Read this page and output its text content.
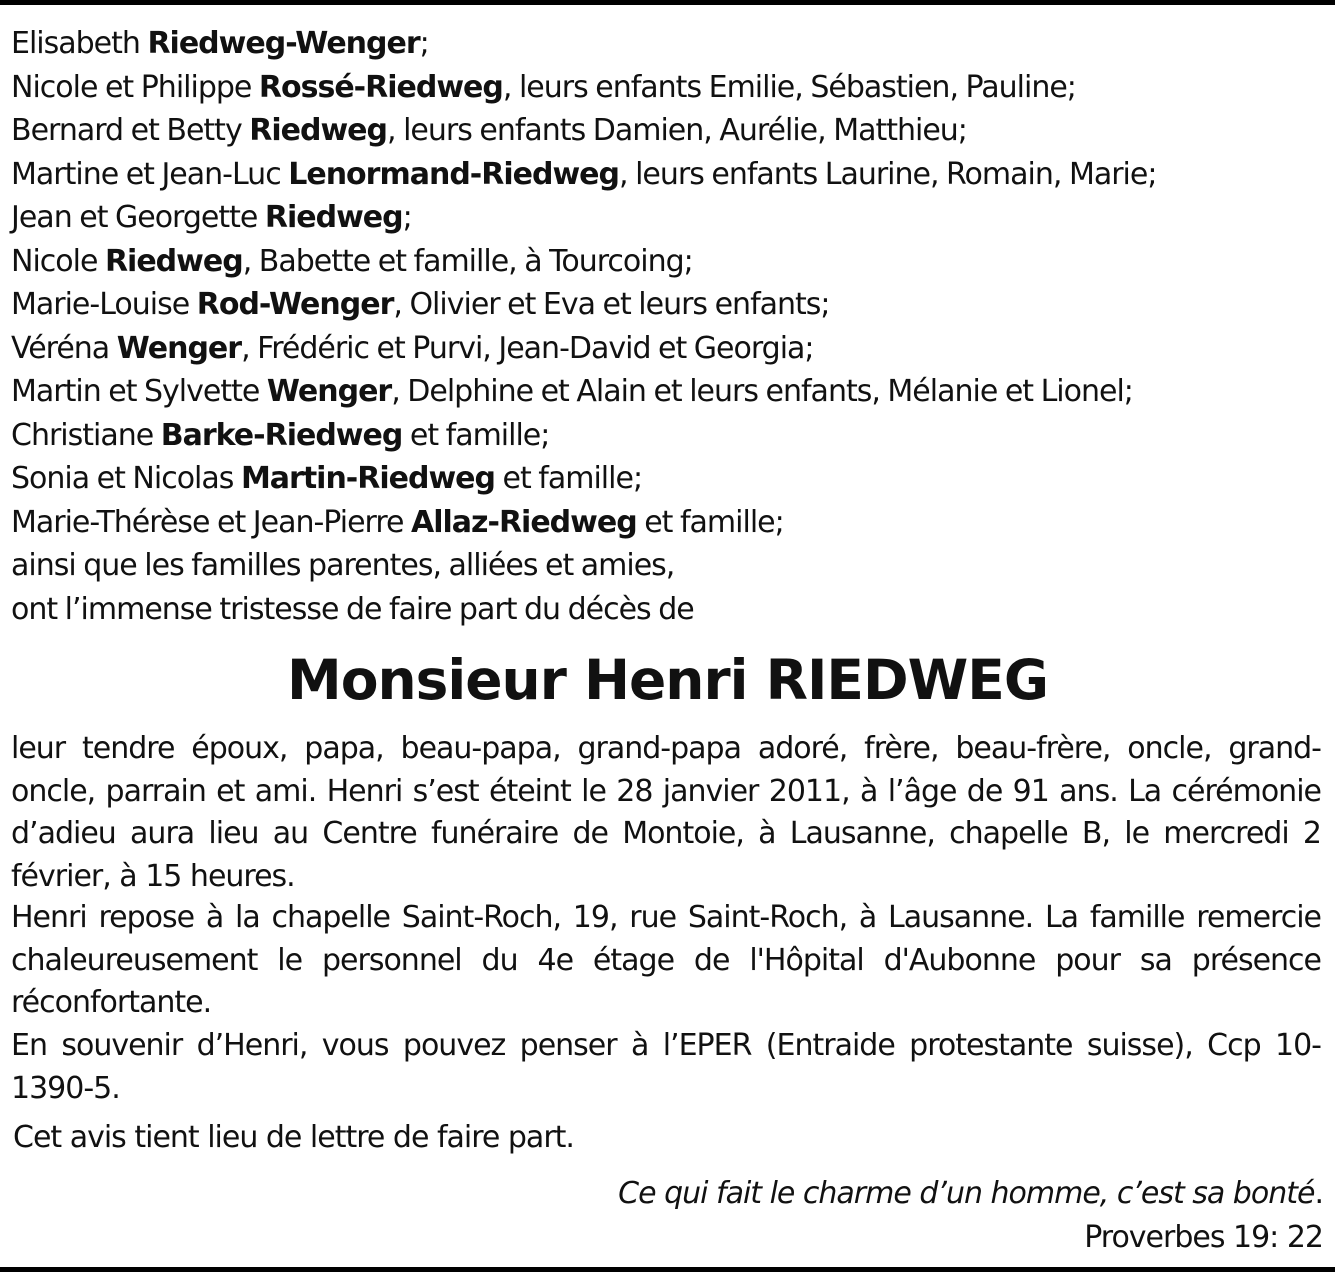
Elisabeth Riedweg-Wenger;
Nicole et Philippe Rossé-Riedweg, leurs enfants Emilie, Sébastien, Pauline;
Bernard et Betty Riedweg, leurs enfants Damien, Aurélie, Matthieu;
Martine et Jean-Luc Lenormand-Riedweg, leurs enfants Laurine, Romain, Marie;
Jean et Georgette Riedweg;
Nicole Riedweg, Babette et famille, à Tourcoing;
Marie-Louise Rod-Wenger, Olivier et Eva et leurs enfants;
Véréna Wenger, Frédéric et Purvi, Jean-David et Georgia;
Martin et Sylvette Wenger, Delphine et Alain et leurs enfants, Mélanie et Lionel;
Christiane Barke-Riedweg et famille;
Sonia et Nicolas Martin-Riedweg et famille;
Marie-Thérèse et Jean-Pierre Allaz-Riedweg et famille;
ainsi que les familles parentes, alliées et amies,
ont l’immense tristesse de faire part du décès de
Monsieur Henri RIEDWEG
leur tendre époux, papa, beau-papa, grand-papa adoré, frère, beau-frère, oncle, grand-oncle, parrain et ami. Henri s’est éteint le 28 janvier 2011, à l’âge de 91 ans. La cérémonie d’adieu aura lieu au Centre funéraire de Montoie, à Lausanne, chapelle B, le mercredi 2 février, à 15 heures.
Henri repose à la chapelle Saint-Roch, 19, rue Saint-Roch, à Lausanne. La famille remercie chaleureusement le personnel du 4e étage de l'Hôpital d'Aubonne pour sa présence réconfortante.
En souvenir d’Henri, vous pouvez penser à l’EPER (Entraide protestante suisse), Ccp 10-1390-5.
Cet avis tient lieu de lettre de faire part.
Ce qui fait le charme d’un homme, c’est sa bonté.
Proverbes 19: 22
